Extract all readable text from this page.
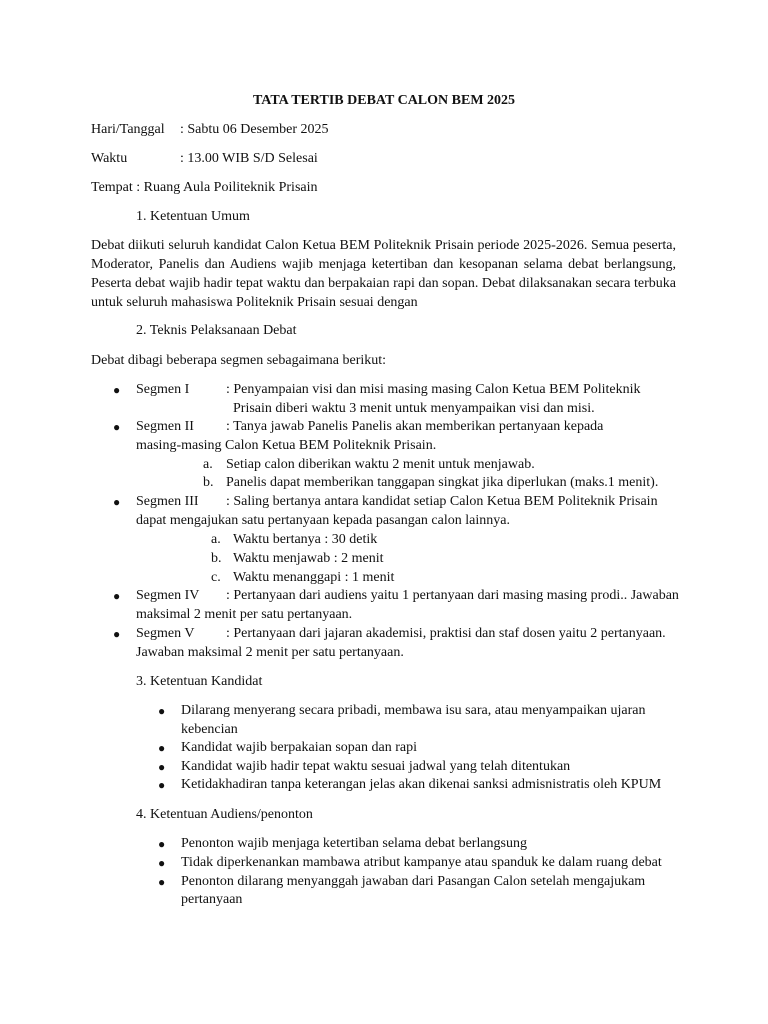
TATA TERTIB DEBAT CALON BEM 2025
Hari/Tanggal : Sabtu 06 Desember 2025
Waktu	: 13.00 WIB S/D Selesai
Tempat : Ruang Aula Poiliteknik Prisain
1. Ketentuan Umum
Debat diikuti seluruh kandidat Calon Ketua BEM Politeknik Prisain periode 2025-2026. Semua peserta, Moderator, Panelis dan Audiens wajib menjaga ketertiban dan kesopanan selama debat berlangsung, Peserta debat wajib hadir tepat waktu dan berpakaian rapi dan sopan. Debat dilaksanakan secara terbuka untuk seluruh mahasiswa Politeknik Prisain sesuai dengan
2. Teknis Pelaksanaan Debat
Debat dibagi beberapa segmen sebagaimana berikut:
● Segmen I	: Penyampaian visi dan misi masing masing Calon Ketua BEM Politeknik
Prisain diberi waktu 3 menit untuk menyampaikan visi dan misi.
● Segmen II : Tanya jawab Panelis Panelis akan memberikan pertanyaan kepada
masing-masing Calon Ketua BEM Politeknik Prisain.
a. Setiap calon diberikan waktu 2 menit untuk menjawab.
b. Panelis dapat memberikan tanggapan singkat jika diperlukan (maks.1 menit).
● Segmen III : Saling bertanya antara kandidat setiap Calon Ketua BEM Politeknik Prisain
dapat mengajukan satu pertanyaan kepada pasangan calon lainnya.
a. Waktu bertanya : 30 detik
b. Waktu menjawab : 2 menit
c. Waktu menanggapi : 1 menit
● Segmen IV : Pertanyaan dari audiens yaitu 1 pertanyaan dari masing masing prodi.. Jawaban
maksimal 2 menit per satu pertanyaan.
● Segmen V : Pertanyaan dari jajaran akademisi, praktisi dan staf dosen yaitu 2 pertanyaan.
Jawaban maksimal 2 menit per satu pertanyaan.
3. Ketentuan Kandidat
● Dilarang menyerang secara pribadi, membawa isu sara, atau menyampaikan ujaran
kebencian
● Kandidat wajib berpakaian sopan dan rapi
● Kandidat wajib hadir tepat waktu sesuai jadwal yang telah ditentukan
● Ketidakhadiran tanpa keterangan jelas akan dikenai sanksi admisnistratis oleh KPUM
4. Ketentuan Audiens/penonton
● Penonton wajib menjaga ketertiban selama debat berlangsung
● Tidak diperkenankan mambawa atribut kampanye atau spanduk ke dalam ruang debat
● Penonton dilarang menyanggah jawaban dari Pasangan Calon setelah mengajukam
pertanyaan
